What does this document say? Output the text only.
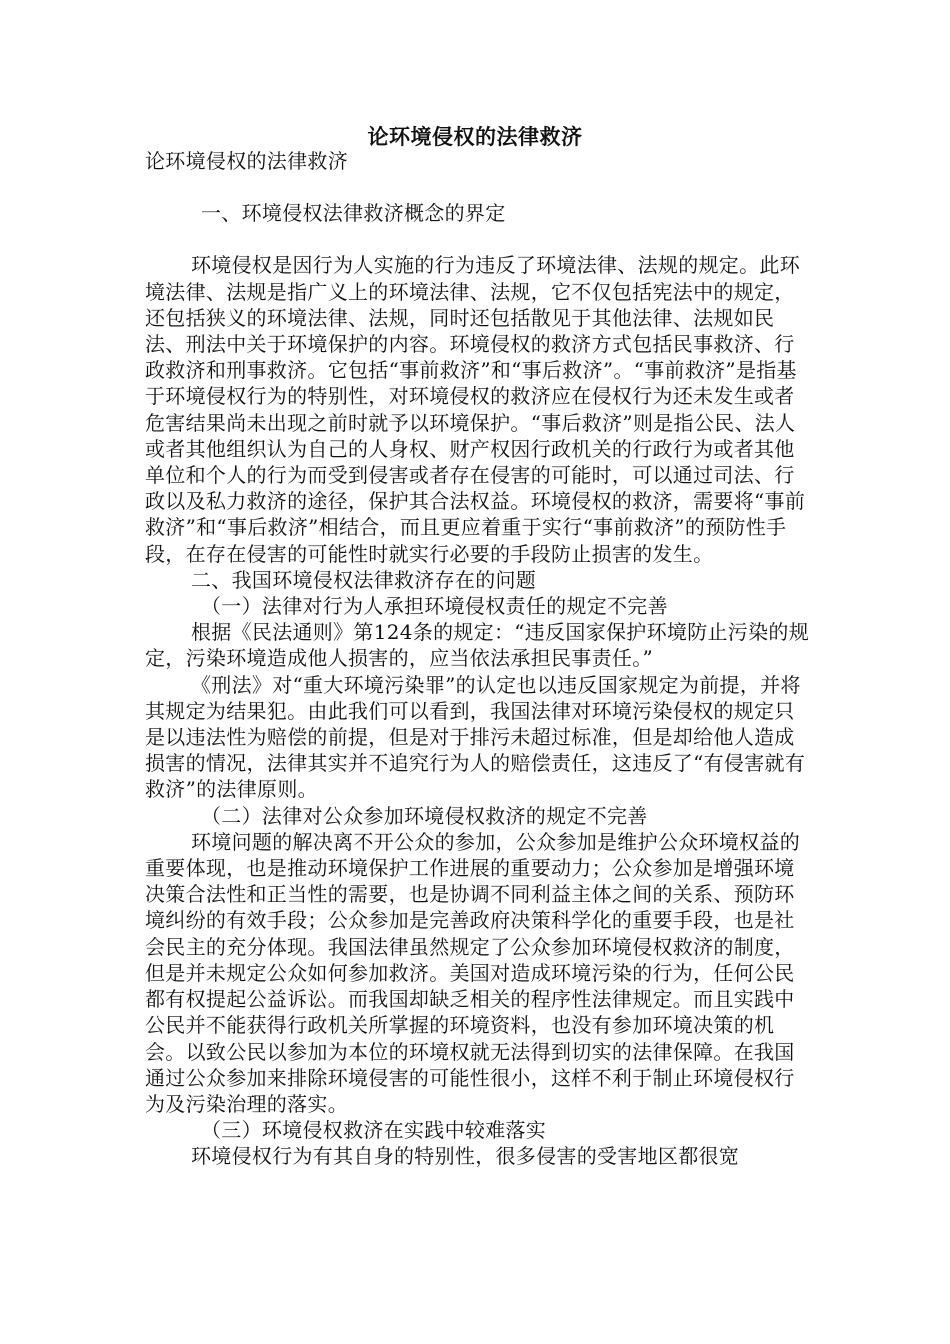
论环境侵权的法律救济

论环境侵权的法律救济

一、环境侵权法律救济概念的界定

环境侵权是因行为人实施的行为违反了环境法律、法规的规定。此环境法律、法规是指广义上的环境法律、法规，它不仅包括宪法中的规定，还包括狭义的环境法律、法规，同时还包括散见于其他法律、法规如民法、刑法中关于环境保护的内容。环境侵权的救济方式包括民事救济、行政救济和刑事救济。它包括“事前救济”和“事后救济”。“事前救济”是指基于环境侵权行为的特别性，对环境侵权的救济应在侵权行为还未发生或者危害结果尚未出现之前时就予以环境保护。“事后救济”则是指公民、法人或者其他组织认为自己的人身权、财产权因行政机关的行政行为或者其他单位和个人的行为而受到侵害或者存在侵害的可能时，可以通过司法、行政以及私力救济的途径，保护其合法权益。环境侵权的救济，需要将“事前救济”和“事后救济”相结合，而且更应着重于实行“事前救济”的预防性手段，在存在侵害的可能性时就实行必要的手段防止损害的发生。

二、我国环境侵权法律救济存在的问题

（一）法律对行为人承担环境侵权责任的规定不完善

根据《民法通则》第124条的规定：“违反国家保护环境防止污染的规定，污染环境造成他人损害的，应当依法承担民事责任。”

《刑法》对“重大环境污染罪”的认定也以违反国家规定为前提，并将其规定为结果犯。由此我们可以看到，我国法律对环境污染侵权的规定只是以违法性为赔偿的前提，但是对于排污未超过标准，但是却给他人造成损害的情况，法律其实并不追究行为人的赔偿责任，这违反了“有侵害就有救济”的法律原则。

（二）法律对公众参加环境侵权救济的规定不完善

环境问题的解决离不开公众的参加，公众参加是维护公众环境权益的重要体现，也是推动环境保护工作进展的重要动力；公众参加是增强环境决策合法性和正当性的需要，也是协调不同利益主体之间的关系、预防环境纠纷的有效手段；公众参加是完善政府决策科学化的重要手段，也是社会民主的充分体现。我国法律虽然规定了公众参加环境侵权救济的制度，但是并未规定公众如何参加救济。美国对造成环境污染的行为，任何公民都有权提起公益诉讼。而我国却缺乏相关的程序性法律规定。而且实践中公民并不能获得行政机关所掌握的环境资料，也没有参加环境决策的机会。以致公民以参加为本位的环境权就无法得到切实的法律保障。在我国通过公众参加来排除环境侵害的可能性很小，这样不利于制止环境侵权行为及污染治理的落实。

（三）环境侵权救济在实践中较难落实

环境侵权行为有其自身的特别性，很多侵害的受害地区都很宽
